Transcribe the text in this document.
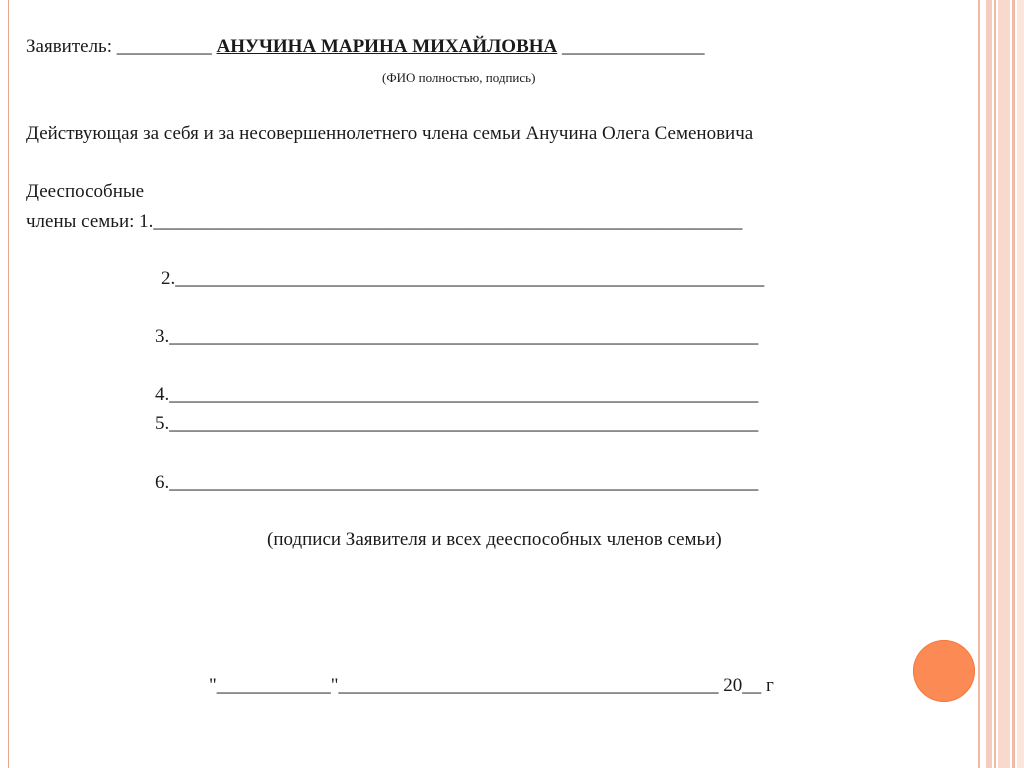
Заявитель: __________ АНУЧИНА МАРИНА МИХАЙЛОВНА _______________
(ФИО полностью, подпись)
Действующая за себя и за несовершеннолетнего члена семьи Анучина Олега Семеновича
Дееспособные
члены семьи: 1.______________________________________________________________
2.______________________________________________________________
3.______________________________________________________________
4.______________________________________________________________
5.______________________________________________________________
6.______________________________________________________________
(подписи Заявителя и всех дееспособных членов семьи)
"____________"________________________________________ 20__ г
